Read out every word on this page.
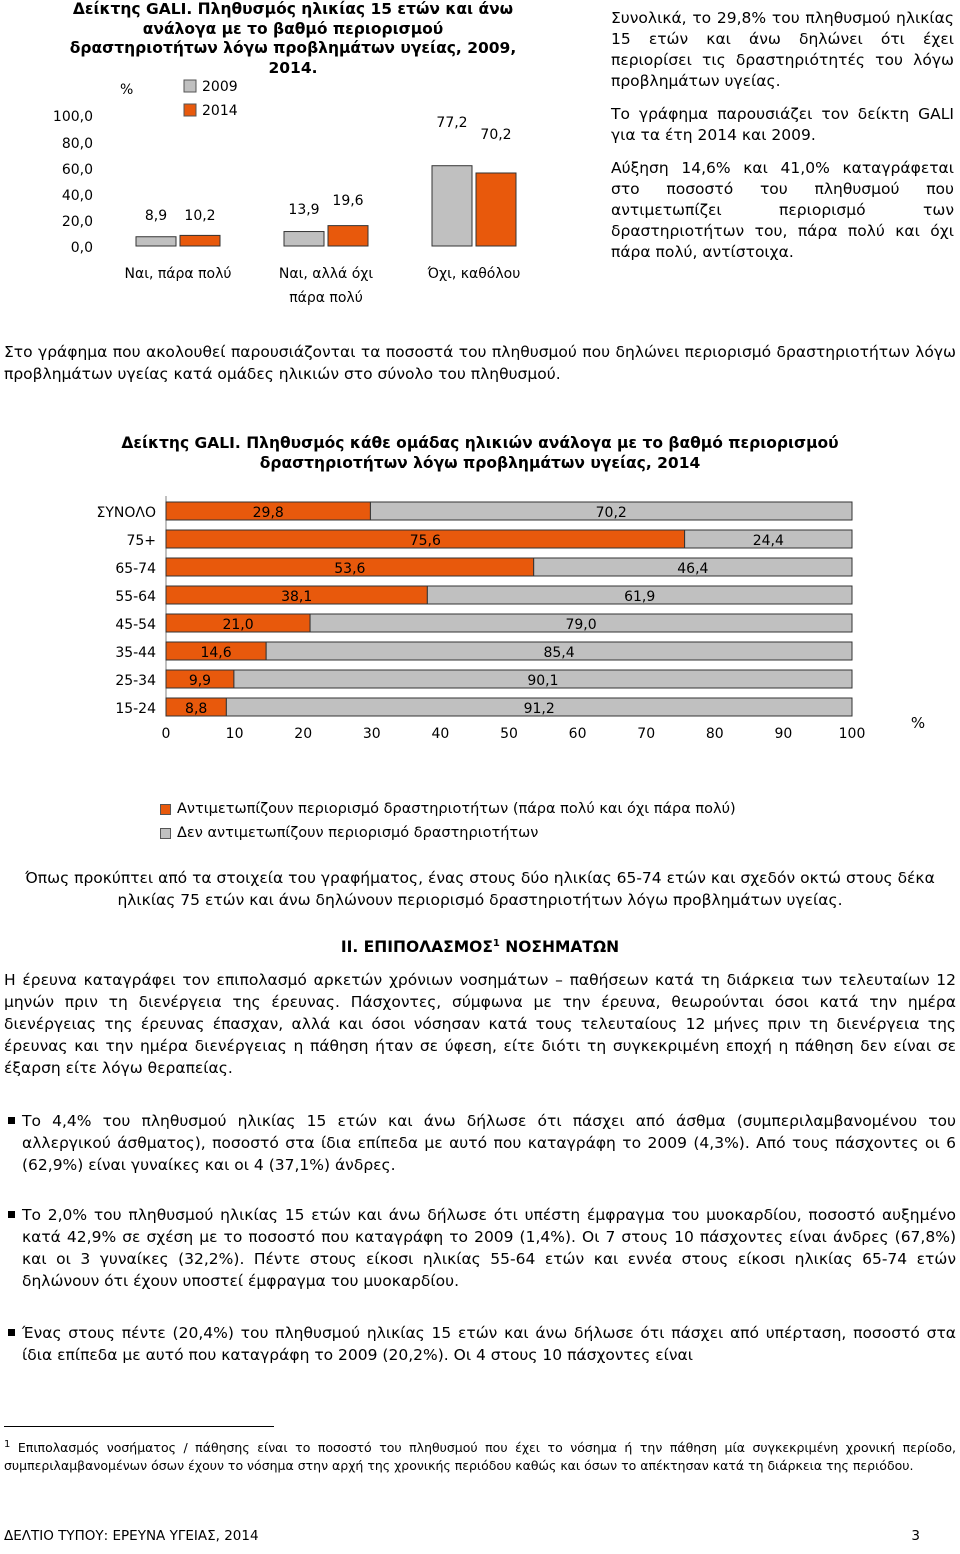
Δείκτης GALI. Πληθυσμός ηλικίας 15 ετών και άνω ανάλογα με το βαθμό περιορισμού δραστηριοτήτων λόγω προβλημάτων υγείας, 2009, 2014.
%	2009
2014
100,0
80,0
60,0
40,0
20,0
0,0
8,9 10,2	13,9
19,6
77,2
70,2
Ναι, πάρα πολύ	Ναι, αλλά όχι
πάρα πολύ
Όχι, καθόλου

Συνολικά, το 29,8% του πληθυσμού ηλικίας 15 ετών και άνω δηλώνει ότι έχει περιορίσει τις δραστηριότητές του λόγω προβλημάτων υγείας.

Το γράφημα παρουσιάζει τον δείκτη GALI για τα έτη 2014 και 2009.

Αύξηση 14,6% και 41,0% καταγράφεται στο ποσοστό του πληθυσμού που αντιμετωπίζει περιορισμό των δραστηριοτήτων του, πάρα πολύ και όχι πάρα πολύ, αντίστοιχα.

Στο γράφημα που ακολουθεί παρουσιάζονται τα ποσοστά του πληθυσμού που δηλώνει περιορισμό δραστηριοτήτων λόγω προβλημάτων υγείας κατά ομάδες ηλικιών στο σύνολο του πληθυσμού.

Δείκτης GALI. Πληθυσμός κάθε ομάδας ηλικιών ανάλογα με το βαθμό περιορισμού
δραστηριοτήτων λόγω προβλημάτων υγείας, 2014
ΣΥΝΟΛΟ
75+
65-74
55-64
45-54
35-44
25-34
15-24
29,8	70,2
75,6	24,4
53,6	46,4
38,1	61,9
21,0	79,0
14,6	85,4
9,9	90,1
8,8	91,2
0	10	20	30	40	50	60	70	80	90	100
%
Αντιμετωπίζουν περιορισμό δραστηριοτήτων (πάρα πολύ και όχι πάρα πολύ)
Δεν αντιμετωπίζουν περιορισμό δραστηριοτήτων

Όπως προκύπτει από τα στοιχεία του γραφήματος, ένας στους δύο ηλικίας 65-74 ετών και σχεδόν οκτώ στους δέκα ηλικίας 75 ετών και άνω δηλώνουν περιορισμό δραστηριοτήτων λόγω προβλημάτων υγείας.

ΙΙ. ΕΠΙΠΟΛΑΣΜΟΣ$^1$ ΝΟΣΗΜΑΤΩΝ

Η έρευνα καταγράφει τον επιπολασμό αρκετών χρόνιων νοσημάτων – παθήσεων κατά τη διάρκεια των τελευταίων 12 μηνών πριν τη διενέργεια της έρευνας. Πάσχοντες, σύμφωνα με την έρευνα, θεωρούνται όσοι κατά την ημέρα διενέργειας της έρευνας έπασχαν, αλλά και όσοι νόσησαν κατά τους τελευταίους 12 μήνες πριν τη διενέργεια της έρευνας και την ημέρα διενέργειας η πάθηση ήταν σε ύφεση, είτε διότι τη συγκεκριμένη εποχή η πάθηση δεν είναι σε έξαρση είτε λόγω θεραπείας.

Το 4,4% του πληθυσμού ηλικίας 15 ετών και άνω δήλωσε ότι πάσχει από άσθμα (συμπεριλαμβανομένου του αλλεργικού άσθματος), ποσοστό στα ίδια επίπεδα με αυτό που καταγράφη το 2009 (4,3%). Από τους πάσχοντες οι 6 (62,9%) είναι γυναίκες και οι 4 (37,1%) άνδρες.
Το 2,0% του πληθυσμού ηλικίας 15 ετών και άνω δήλωσε ότι υπέστη έμφραγμα του μυοκαρδίου, ποσοστό αυξημένο κατά 42,9% σε σχέση με το ποσοστό που καταγράφη το 2009 (1,4%). Οι 7 στους 10 πάσχοντες είναι άνδρες (67,8%) και οι 3 γυναίκες (32,2%). Πέντε στους είκοσι ηλικίας 55-64 ετών και εννέα στους είκοσι ηλικίας 65-74 ετών δηλώνουν ότι έχουν υποστεί έμφραγμα του μυοκαρδίου.
Ένας στους πέντε (20,4%) του πληθυσμού ηλικίας 15 ετών και άνω δήλωσε ότι πάσχει από υπέρταση, ποσοστό στα ίδια επίπεδα με αυτό που καταγράφη το 2009 (20,2%). Οι 4 στους 10 πάσχοντες είναι
$^1$ Επιπολασμός νοσήματος / πάθησης είναι το ποσοστό του πληθυσμού που έχει το νόσημα ή την πάθηση μία συγκεκριμένη χρονική περίοδο, συμπεριλαμβανομένων όσων έχουν το νόσημα στην αρχή της χρονικής περιόδου καθώς και όσων το απέκτησαν κατά τη διάρκεια της περιόδου.
ΔΕΛΤΙΟ ΤΥΠΟΥ: ΕΡΕΥΝΑ ΥΓΕΙΑΣ, 2014	3
